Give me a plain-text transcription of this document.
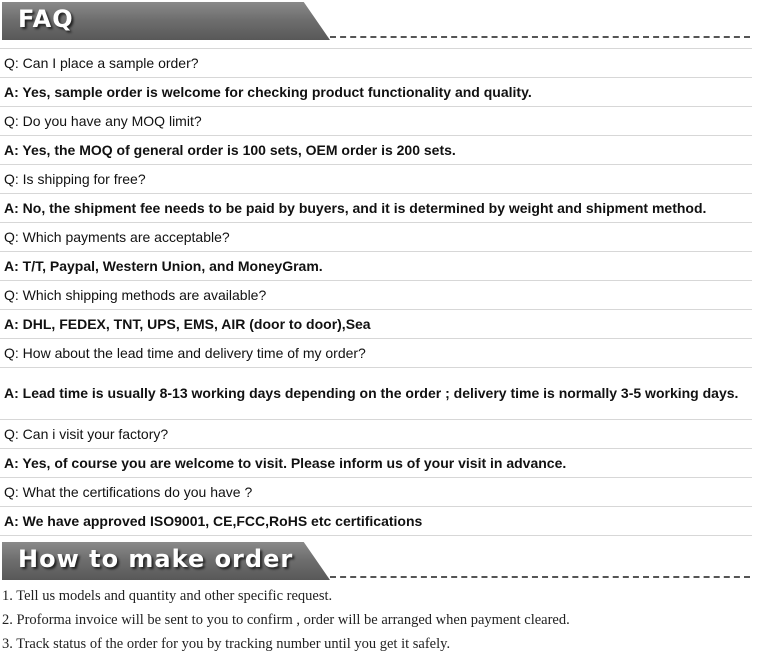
FAQ
Q: Can I place a sample order?
A: Yes, sample order is welcome for checking product functionality and quality.
Q: Do you have any MOQ limit?
A: Yes, the MOQ of general order is 100 sets, OEM order is 200 sets.
Q: Is shipping for free?
A: No, the shipment fee needs to be paid by buyers, and it is determined by weight and shipment method.
Q: Which payments are acceptable?
A: T/T, Paypal, Western Union, and MoneyGram.
Q: Which shipping methods are available?
A: DHL, FEDEX, TNT, UPS, EMS, AIR (door to door),Sea
Q: How about the lead time and delivery time of my order?
A: Lead time is usually 8-13 working days depending on the order ; delivery time is normally 3-5 working days.
Q: Can i visit your factory?
A: Yes, of course you are welcome to visit. Please inform us of your visit in advance.
Q: What the certifications do you have ?
A: We have approved ISO9001, CE,FCC,RoHS etc certifications
How to make order
1. Tell us models and quantity and other specific request.
2. Proforma invoice will be sent to you to confirm , order will be arranged when payment cleared.
3. Track status of the order for you by tracking number until you get it safely.
